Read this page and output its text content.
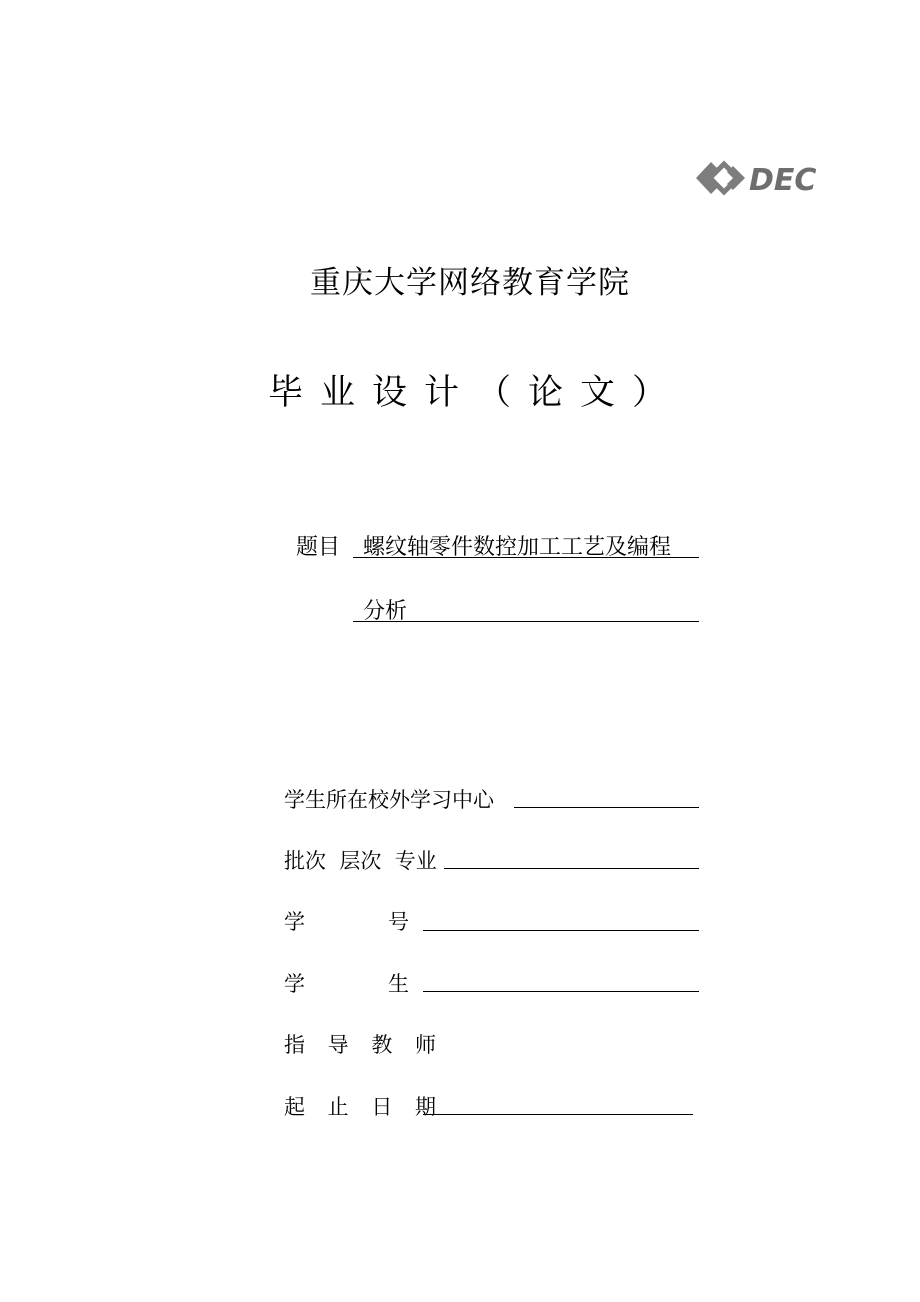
DEC
重庆大学网络教育学院
毕业设计（论文）
题目	螺纹轴零件数控加工工艺及编程
分析
学生所在校外学习中心
批次 层次 专业
学	号
学	生
指 导 教 师
起 止 日 期
